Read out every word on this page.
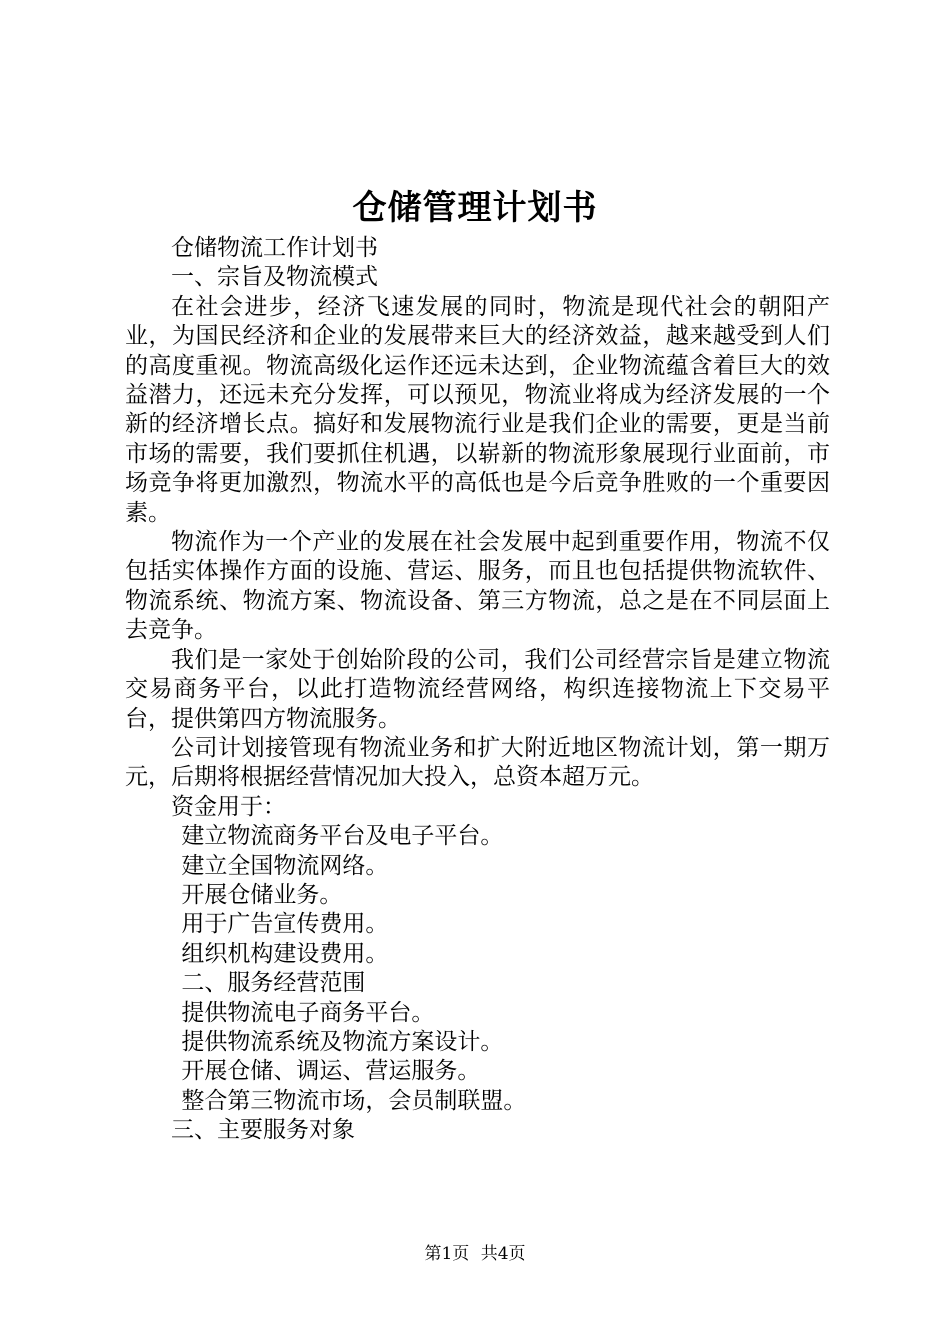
仓储管理计划书

仓储物流工作计划书

一、宗旨及物流模式

在社会进步，经济飞速发展的同时，物流是现代社会的朝阳产业，为国民经济和企业的发展带来巨大的经济效益，越来越受到人们的高度重视。物流高级化运作还远未达到，企业物流蕴含着巨大的效益潜力，还远未充分发挥，可以预见，物流业将成为经济发展的一个新的经济增长点。搞好和发展物流行业是我们企业的需要，更是当前市场的需要，我们要抓住机遇，以崭新的物流形象展现行业面前，市场竞争将更加激烈，物流水平的高低也是今后竞争胜败的一个重要因素。

物流作为一个产业的发展在社会发展中起到重要作用，物流不仅包括实体操作方面的设施、营运、服务，而且也包括提供物流软件、物流系统、物流方案、物流设备、第三方物流，总之是在不同层面上去竞争。

我们是一家处于创始阶段的公司，我们公司经营宗旨是建立物流交易商务平台，以此打造物流经营网络，构织连接物流上下交易平台，提供第四方物流服务。

公司计划接管现有物流业务和扩大附近地区物流计划，第一期万元，后期将根据经营情况加大投入，总资本超万元。

资金用于：

建立物流商务平台及电子平台。

建立全国物流网络。

开展仓储业务。

用于广告宣传费用。

组织机构建设费用。

二、服务经营范围

提供物流电子商务平台。

提供物流系统及物流方案设计。

开展仓储、调运、营运服务。

整合第三物流市场，会员制联盟。

三、主要服务对象

第1页 共4页
